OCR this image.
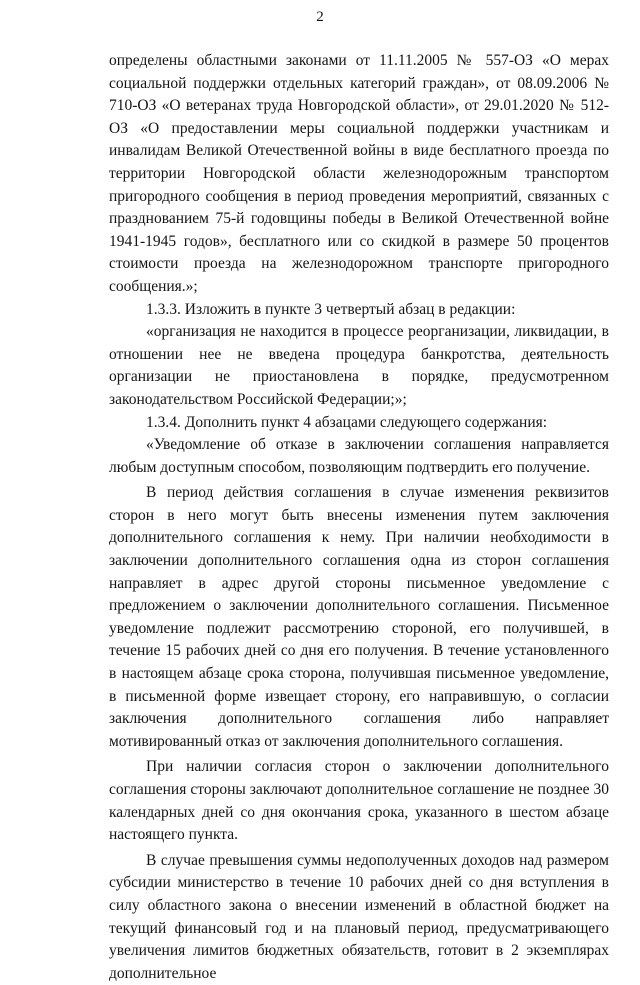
2

определены областными законами от 11.11.2005 № 557-ОЗ «О мерах социальной поддержки отдельных категорий граждан», от 08.09.2006 № 710-ОЗ «О ветеранах труда Новгородской области», от 29.01.2020 № 512-ОЗ «О предоставлении меры социальной поддержки участникам и инвалидам Великой Отечественной войны в виде бесплатного проезда по территории Новгородской области железнодорожным транспортом пригородного сообщения в период проведения мероприятий, связанных с празднованием 75-й годовщины победы в Великой Отечественной войне 1941-1945 годов», бесплатного или со скидкой в размере 50 процентов стоимости проезда на железнодорожном транспорте пригородного сообщения.»;

1.3.3. Изложить в пункте 3 четвертый абзац в редакции:

«организация не находится в процессе реорганизации, ликвидации, в отношении нее не введена процедура банкротства, деятельность организации не приостановлена в порядке, предусмотренном законодательством Российской Федерации;»;

1.3.4. Дополнить пункт 4 абзацами следующего содержания:

«Уведомление об отказе в заключении соглашения направляется любым доступным способом, позволяющим подтвердить его получение.

В период действия соглашения в случае изменения реквизитов сторон в него могут быть внесены изменения путем заключения дополнительного соглашения к нему. При наличии необходимости в заключении дополнительного соглашения одна из сторон соглашения направляет в адрес другой стороны письменное уведомление с предложением о заключении дополнительного соглашения. Письменное уведомление подлежит рассмотрению стороной, его получившей, в течение 15 рабочих дней со дня его получения. В течение установленного в настоящем абзаце срока сторона, получившая письменное уведомление, в письменной форме извещает сторону, его направившую, о согласии заключения дополнительного соглашения либо направляет мотивированный отказ от заключения дополнительного соглашения.

При наличии согласия сторон о заключении дополнительного соглашения стороны заключают дополнительное соглашение не позднее 30 календарных дней со дня окончания срока, указанного в шестом абзаце настоящего пункта.

В случае превышения суммы недополученных доходов над размером субсидии министерство в течение 10 рабочих дней со дня вступления в силу областного закона о внесении изменений в областной бюджет на текущий финансовый год и на плановый период, предусматривающего увеличения лимитов бюджетных обязательств, готовит в 2 экземплярах дополнительное
